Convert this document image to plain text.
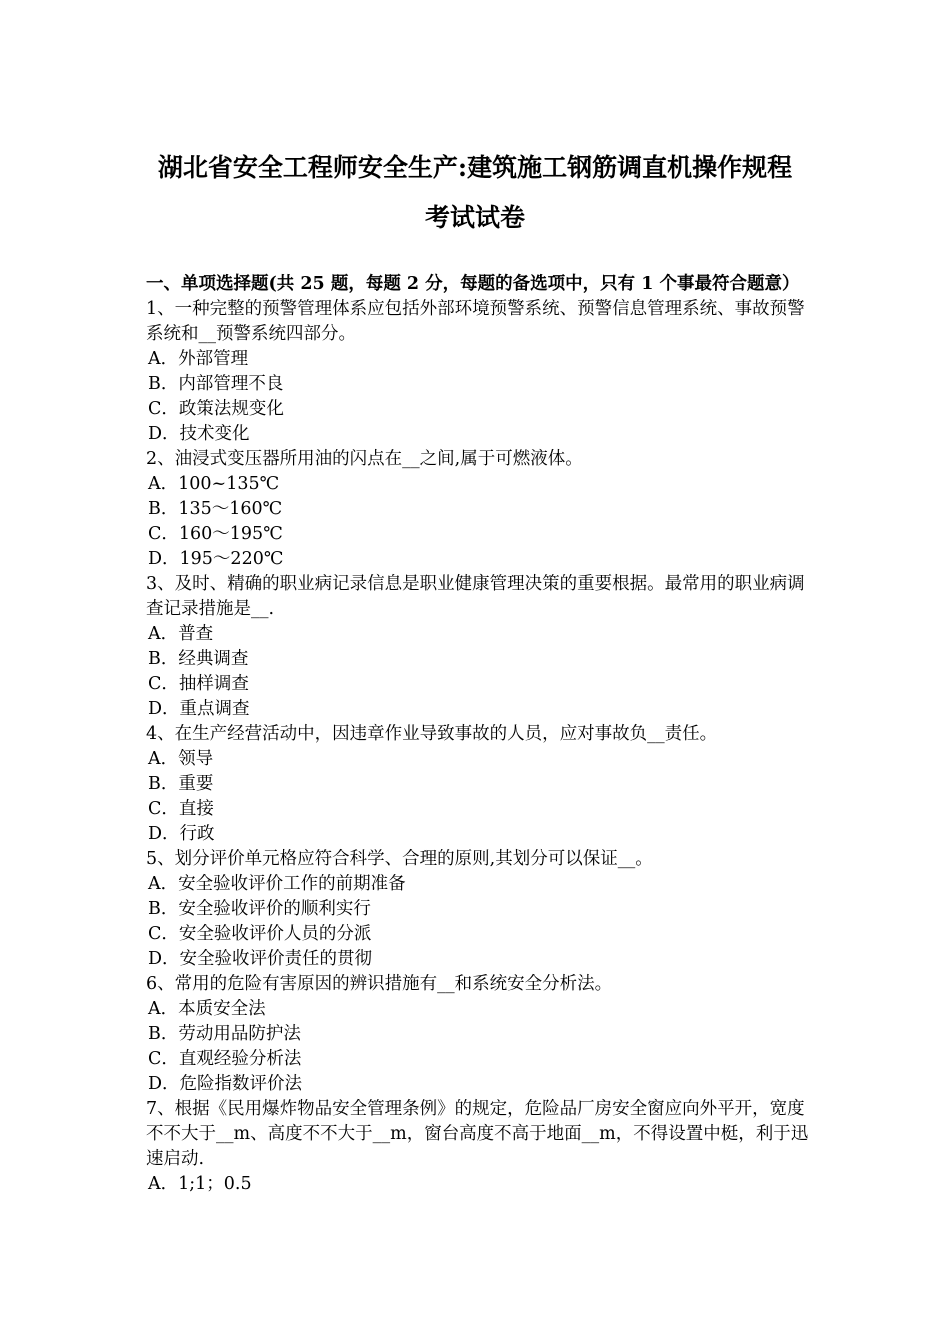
湖北省安全工程师安全生产:建筑施工钢筋调直机操作规程
考试试卷
一、单项选择题(共 25 题，每题 2 分，每题的备选项中，只有 1 个事最符合题意）
1、一种完整的预警管理体系应包括外部环境预警系统、预警信息管理系统、事故预警系统和__预警系统四部分。
A．外部管理
B．内部管理不良
C．政策法规变化
D．技术变化
2、油浸式变压器所用油的闪点在__之间,属于可燃液体。
A．100~135℃
B．135～160℃
C．160～195℃
D．195～220℃
3、及时、精确的职业病记录信息是职业健康管理决策的重要根据。最常用的职业病调查记录措施是__.
A．普查
B．经典调查
C．抽样调查
D．重点调查
4、在生产经营活动中，因违章作业导致事故的人员，应对事故负__责任。
A．领导
B．重要
C．直接
D．行政
5、划分评价单元格应符合科学、合理的原则,其划分可以保证__。
A．安全验收评价工作的前期准备
B．安全验收评价的顺利实行
C．安全验收评价人员的分派
D．安全验收评价责任的贯彻
6、常用的危险有害原因的辨识措施有__和系统安全分析法。
A．本质安全法
B．劳动用品防护法
C．直观经验分析法
D．危险指数评价法
7、根据《民用爆炸物品安全管理条例》的规定，危险品厂房安全窗应向外平开，宽度不不大于__m、高度不不大于__m，窗台高度不高于地面__m，不得设置中梃，利于迅速启动.
A．1;1；0.5
